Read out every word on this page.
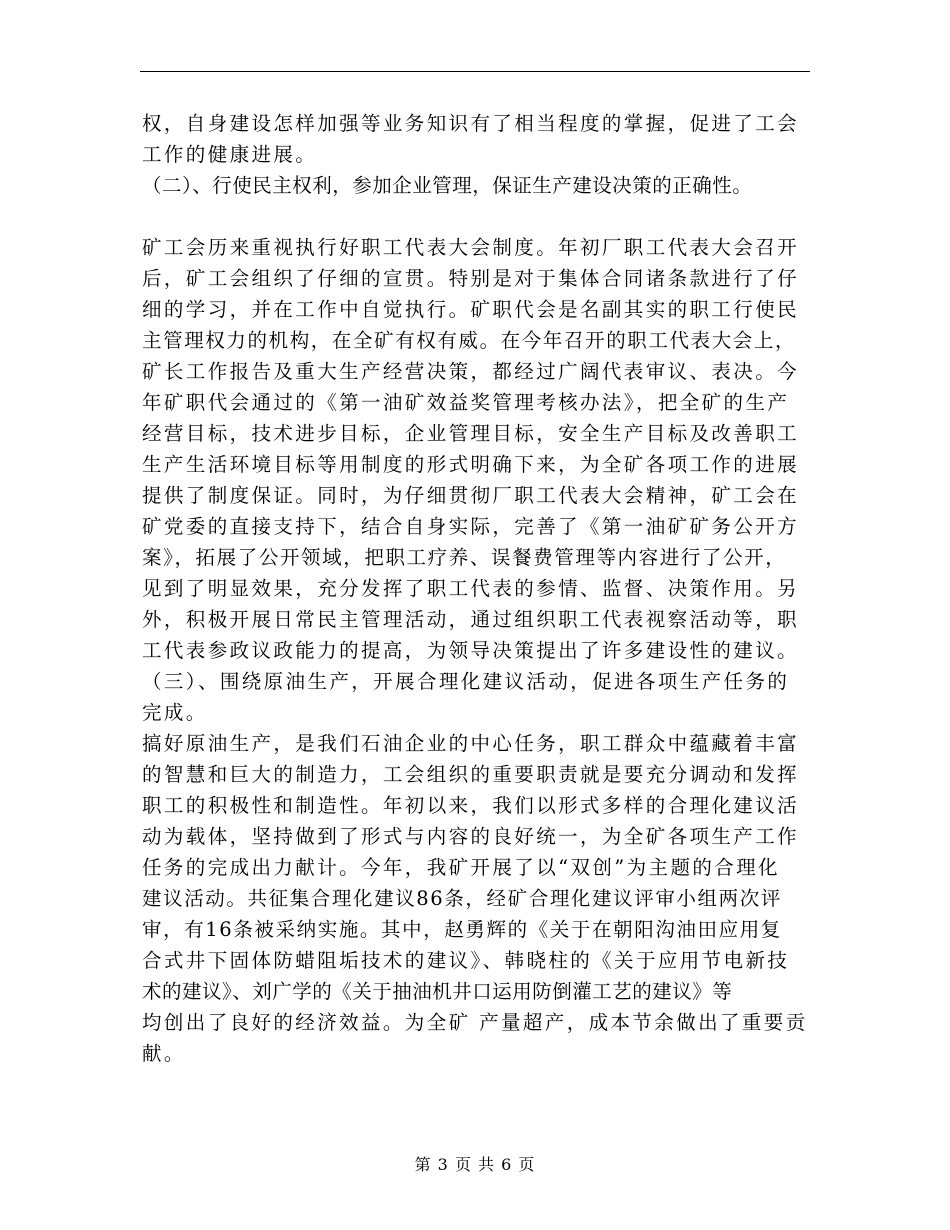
权，自身建设怎样加强等业务知识有了相当程度的掌握，促进了工会
工作的健康进展。
（二）、行使民主权利，参加企业管理，保证生产建设决策的正确性。
矿工会历来重视执行好职工代表大会制度。年初厂职工代表大会召开
后，矿工会组织了仔细的宣贯。特别是对于集体合同诸条款进行了仔
细的学习，并在工作中自觉执行。矿职代会是名副其实的职工行使民
主管理权力的机构，在全矿有权有威。在今年召开的职工代表大会上，
矿长工作报告及重大生产经营决策，都经过广阔代表审议、表决。今
年矿职代会通过的《第一油矿效益奖管理考核办法》，把全矿的生产
经营目标，技术进步目标，企业管理目标，安全生产目标及改善职工
生产生活环境目标等用制度的形式明确下来，为全矿各项工作的进展
提供了制度保证。同时，为仔细贯彻厂职工代表大会精神，矿工会在
矿党委的直接支持下，结合自身实际，完善了《第一油矿矿务公开方
案》，拓展了公开领域，把职工疗养、误餐费管理等内容进行了公开，
见到了明显效果，充分发挥了职工代表的参情、监督、决策作用。另
外，积极开展日常民主管理活动，通过组织职工代表视察活动等，职
工代表参政议政能力的提高，为领导决策提出了许多建设性的建议。
（三）、围绕原油生产，开展合理化建议活动，促进各项生产任务的
完成。
搞好原油生产，是我们石油企业的中心任务，职工群众中蕴藏着丰富
的智慧和巨大的制造力，工会组织的重要职责就是要充分调动和发挥
职工的积极性和制造性。年初以来，我们以形式多样的合理化建议活
动为载体，坚持做到了形式与内容的良好统一，为全矿各项生产工作
任务的完成出力献计。今年，我矿开展了以“双创”为主题的合理化
建议活动。共征集合理化建议86条，经矿合理化建议评审小组两次评
审，有16条被采纳实施。其中，赵勇辉的《关于在朝阳沟油田应用复
合式井下固体防蜡阻垢技术的建议》、韩晓柱的《关于应用节电新技
术的建议》、刘广学的《关于抽油机井口运用防倒灌工艺的建议》等
均创出了良好的经济效益。为全矿 产量超产，成本节余做出了重要贡
献。
第 3 页 共 6 页
